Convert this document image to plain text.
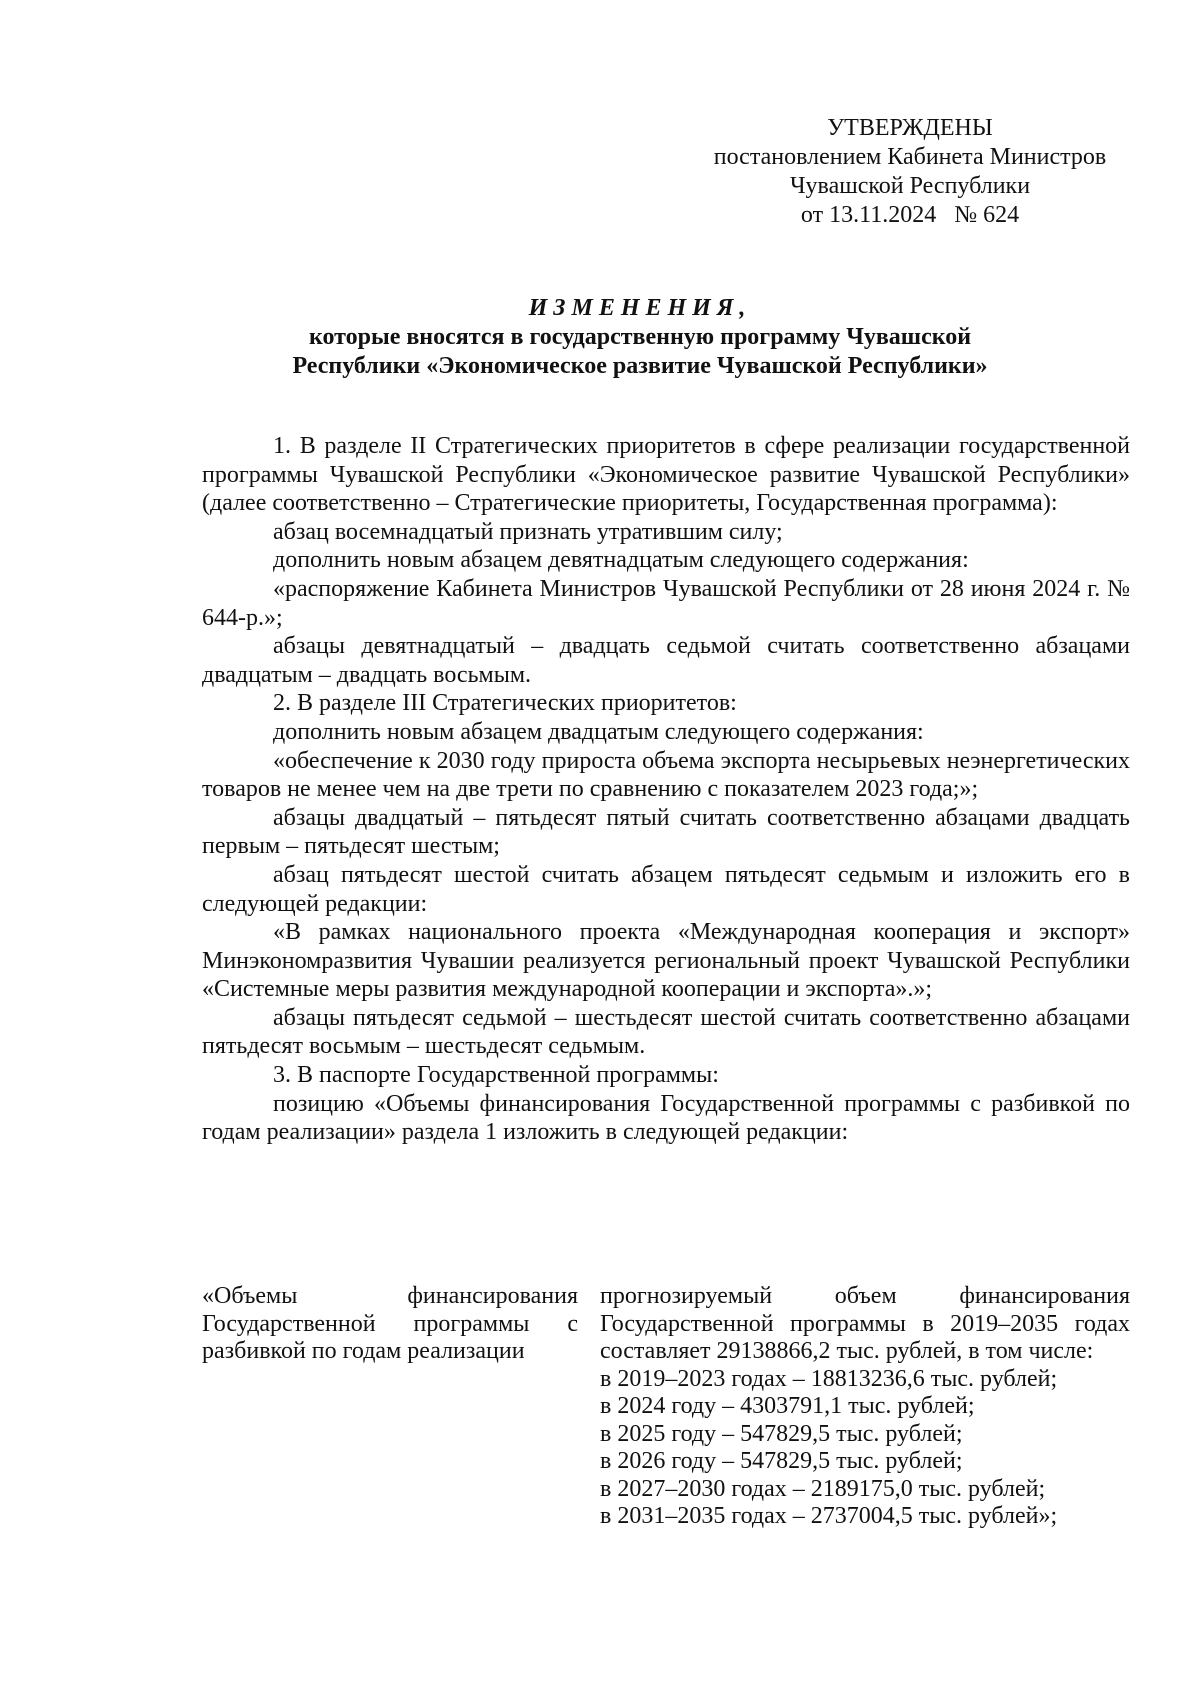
УТВЕРЖДЕНЫ
постановлением Кабинета Министров
Чувашской Республики
от 13.11.2024   № 624
ИЗМЕНЕНИЯ,
которые вносятся в государственную программу Чувашской
Республики «Экономическое развитие Чувашской Республики»

1. В разделе II Стратегических приоритетов в сфере реализации государственной программы Чувашской Республики «Экономическое развитие Чувашской Республики» (далее соответственно – Стратегические приоритеты, Государственная программа):

абзац восемнадцатый признать утратившим силу;

дополнить новым абзацем девятнадцатым следующего содержания:

«распоряжение Кабинета Министров Чувашской Республики от 28 июня 2024 г. № 644-р.»;

абзацы девятнадцатый – двадцать седьмой считать соответственно абзацами двадцатым – двадцать восьмым.

2. В разделе III Стратегических приоритетов:

дополнить новым абзацем двадцатым следующего содержания:

«обеспечение к 2030 году прироста объема экспорта несырьевых неэнергетических товаров не менее чем на две трети по сравнению с показателем 2023 года;»;

абзацы двадцатый – пятьдесят пятый считать соответственно абзацами двадцать первым – пятьдесят шестым;

абзац пятьдесят шестой считать абзацем пятьдесят седьмым и изложить его в следующей редакции:

«В рамках национального проекта «Международная кооперация и экспорт» Минэкономразвития Чувашии реализуется региональный проект Чувашской Республики «Системные меры развития международной кооперации и экспорта».»;

абзацы пятьдесят седьмой – шестьдесят шестой считать соответственно абзацами пятьдесят восьмым – шестьдесят седьмым.

3. В паспорте Государственной программы:

позицию «Объемы финансирования Государственной программы с разбивкой по годам реализации» раздела 1 изложить в следующей редакции:

«Объемы финансирования Государственной программы с разбивкой по годам реализации

прогнозируемый объем финансирования Государственной программы в 2019–2035 годах составляет 29138866,2 тыс. рублей, в том числе:

в 2019–2023 годах – 18813236,6 тыс. рублей;

в 2024 году – 4303791,1 тыс. рублей;

в 2025 году – 547829,5 тыс. рублей;

в 2026 году – 547829,5 тыс. рублей;

в 2027–2030 годах – 2189175,0 тыс. рублей;

в 2031–2035 годах – 2737004,5 тыс. рублей»;
